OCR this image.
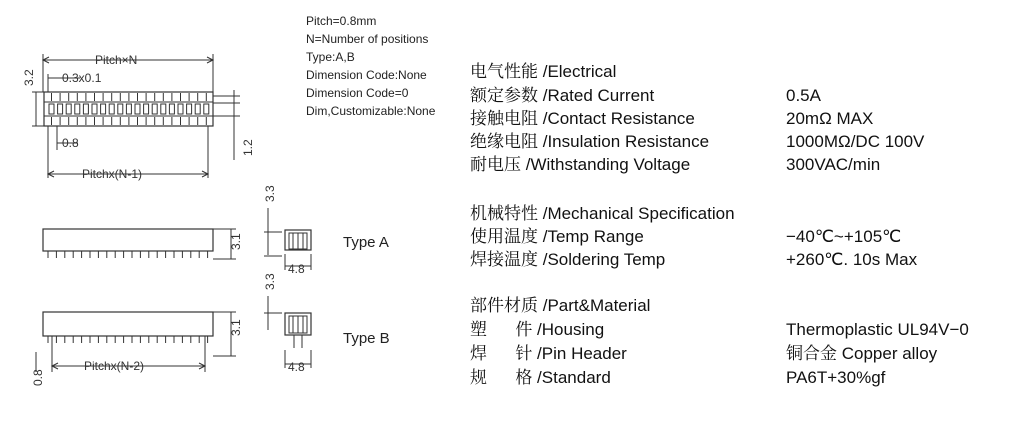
Pitch×N
0.3x0.1
3.2
0.8	1.2
Pitchx(N-1)
3.1
3.3
4.8
3.1
3.3
4.8
Pitchx(N-2)
0.8
Pitch=0.8mm
N=Number of positions
Type:A,B
Dimension Code:None
Dimension Code=0
Dim,Customizable:None
Type A
Type B
电气性能 /Electrical
额定参数 /Rated Current	0.5A
接触电阻 /Contact Resistance	20mΩ MAX
绝缘电阻 /Insulation Resistance	1000MΩ/DC 100V
耐电压 /Withstanding Voltage	300VAC/min
机械特性 /Mechanical Specification
使用温度 /Temp Range	−40℃~+105℃
焊接温度 /Soldering Temp	+260℃. 10s Max
部件材质 /Part&Material
塑      件 /Housing	Thermoplastic UL94V−0
焊      针 /Pin Header	铜合金 Copper alloy
规      格 /Standard	PA6T+30%gf
